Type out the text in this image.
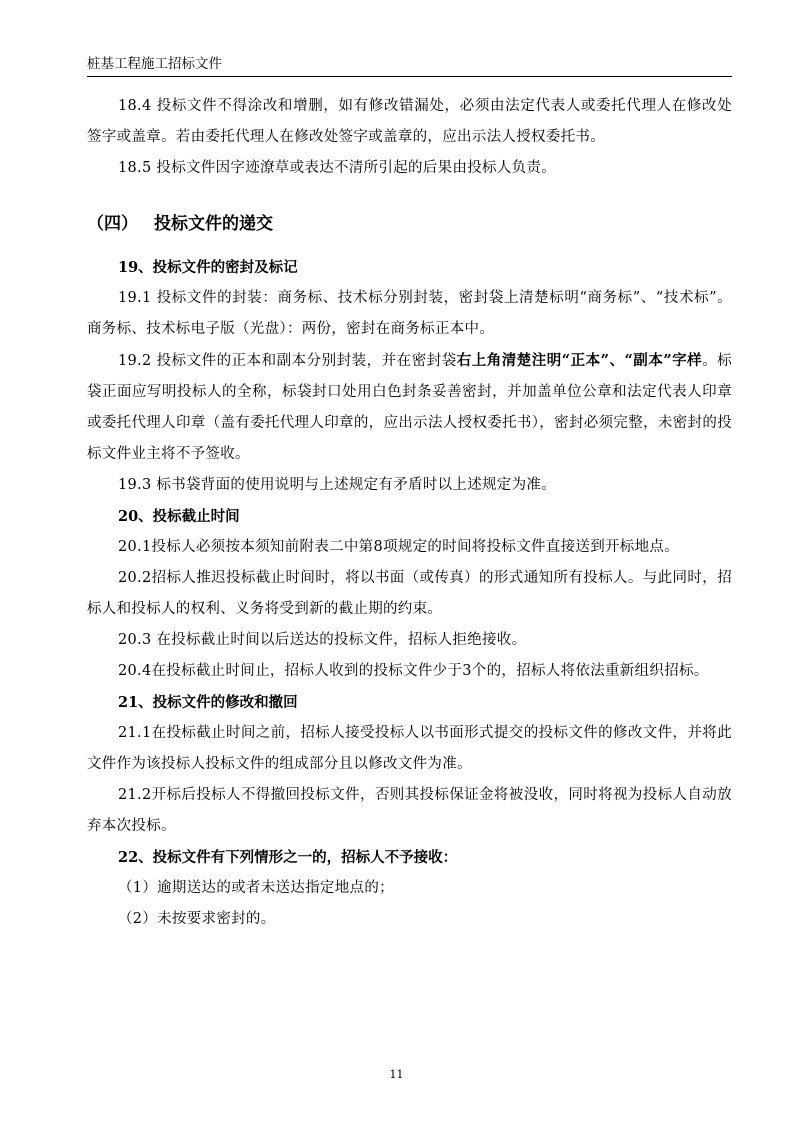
桩基工程施工招标文件

18.4 投标文件不得涂改和增删，如有修改错漏处，必须由法定代表人或委托代理人在修改处签字或盖章。若由委托代理人在修改处签字或盖章的，应出示法人授权委托书。

18.5 投标文件因字迹潦草或表达不清所引起的后果由投标人负责。

（四） 投标文件的递交

19、投标文件的密封及标记

19.1 投标文件的封装：商务标、技术标分别封装，密封袋上清楚标明“商务标”、“技术标”。 商务标、技术标电子版（光盘）：两份，密封在商务标正本中。

19.2 投标文件的正本和副本分别封装，并在密封袋右上角清楚注明“正本”、“副本”字样。标袋正面应写明投标人的全称，标袋封口处用白色封条妥善密封，并加盖单位公章和法定代表人印章或委托代理人印章（盖有委托代理人印章的，应出示法人授权委托书），密封必须完整，未密封的投标文件业主将不予签收。

19.3 标书袋背面的使用说明与上述规定有矛盾时以上述规定为准。

20、投标截止时间

20.1投标人必须按本须知前附表二中第8项规定的时间将投标文件直接送到开标地点。

20.2招标人推迟投标截止时间时，将以书面（或传真）的形式通知所有投标人。与此同时，招标人和投标人的权利、义务将受到新的截止期的约束。

20.3 在投标截止时间以后送达的投标文件，招标人拒绝接收。

20.4在投标截止时间止，招标人收到的投标文件少于3个的，招标人将依法重新组织招标。

21、投标文件的修改和撤回

21.1在投标截止时间之前，招标人接受投标人以书面形式提交的投标文件的修改文件，并将此文件作为该投标人投标文件的组成部分且以修改文件为准。

21.2开标后投标人不得撤回投标文件，否则其投标保证金将被没收，同时将视为投标人自动放弃本次投标。

22、投标文件有下列情形之一的，招标人不予接收：

（1）逾期送达的或者未送达指定地点的；

（2）未按要求密封的。

11
